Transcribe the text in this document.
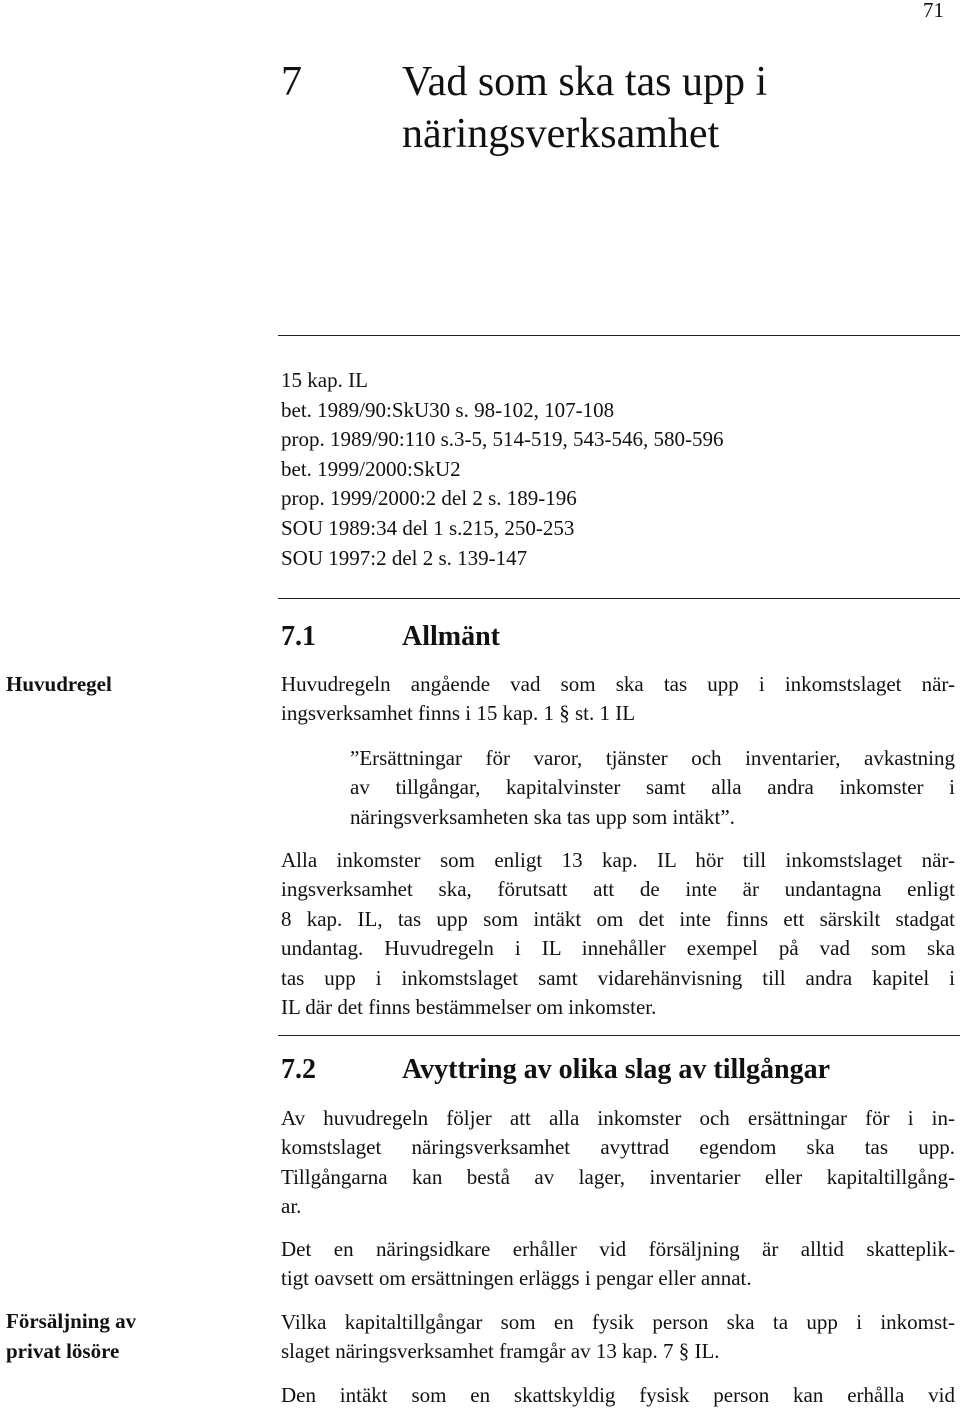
71
7 Vad som ska tas upp i
näringsverksamhet
15 kap. IL
bet. 1989/90:SkU30 s. 98-102, 107-108
prop. 1989/90:110 s.3-5, 514-519, 543-546, 580-596
bet. 1999/2000:SkU2
prop. 1999/2000:2 del 2 s. 189-196
SOU 1989:34 del 1 s.215, 250-253
SOU 1997:2 del 2 s. 139-147
7.1	Allmänt
Huvudregel	Huvudregeln angående vad som ska tas upp i inkomstslaget när-
ingsverksamhet finns i 15 kap. 1 § st. 1 IL
”Ersättningar för varor, tjänster och inventarier, avkastning
av tillgångar, kapitalvinster samt alla andra inkomster i
näringsverksamheten ska tas upp som intäkt”.
Alla inkomster som enligt 13 kap. IL hör till inkomstslaget när-
ingsverksamhet ska, förutsatt att de inte är undantagna enligt
8 kap. IL, tas upp som intäkt om det inte finns ett särskilt stadgat
undantag. Huvudregeln i IL innehåller exempel på vad som ska
tas upp i inkomstslaget samt vidarehänvisning till andra kapitel i
IL där det finns bestämmelser om inkomster.
7.2	Avyttring av olika slag av tillgångar
Av huvudregeln följer att alla inkomster och ersättningar för i in-
komstslaget näringsverksamhet avyttrad egendom ska tas upp.
Tillgångarna kan bestå av lager, inventarier eller kapitaltillgång-
ar.
Det en näringsidkare erhåller vid försäljning är alltid skatteplik-
tigt oavsett om ersättningen erläggs i pengar eller annat.
Försäljning av
privat lösöre
Vilka kapitaltillgångar som en fysik person ska ta upp i inkomst-
slaget näringsverksamhet framgår av 13 kap. 7 § IL.
Den intäkt som en skattskyldig fysisk person kan erhålla vid
